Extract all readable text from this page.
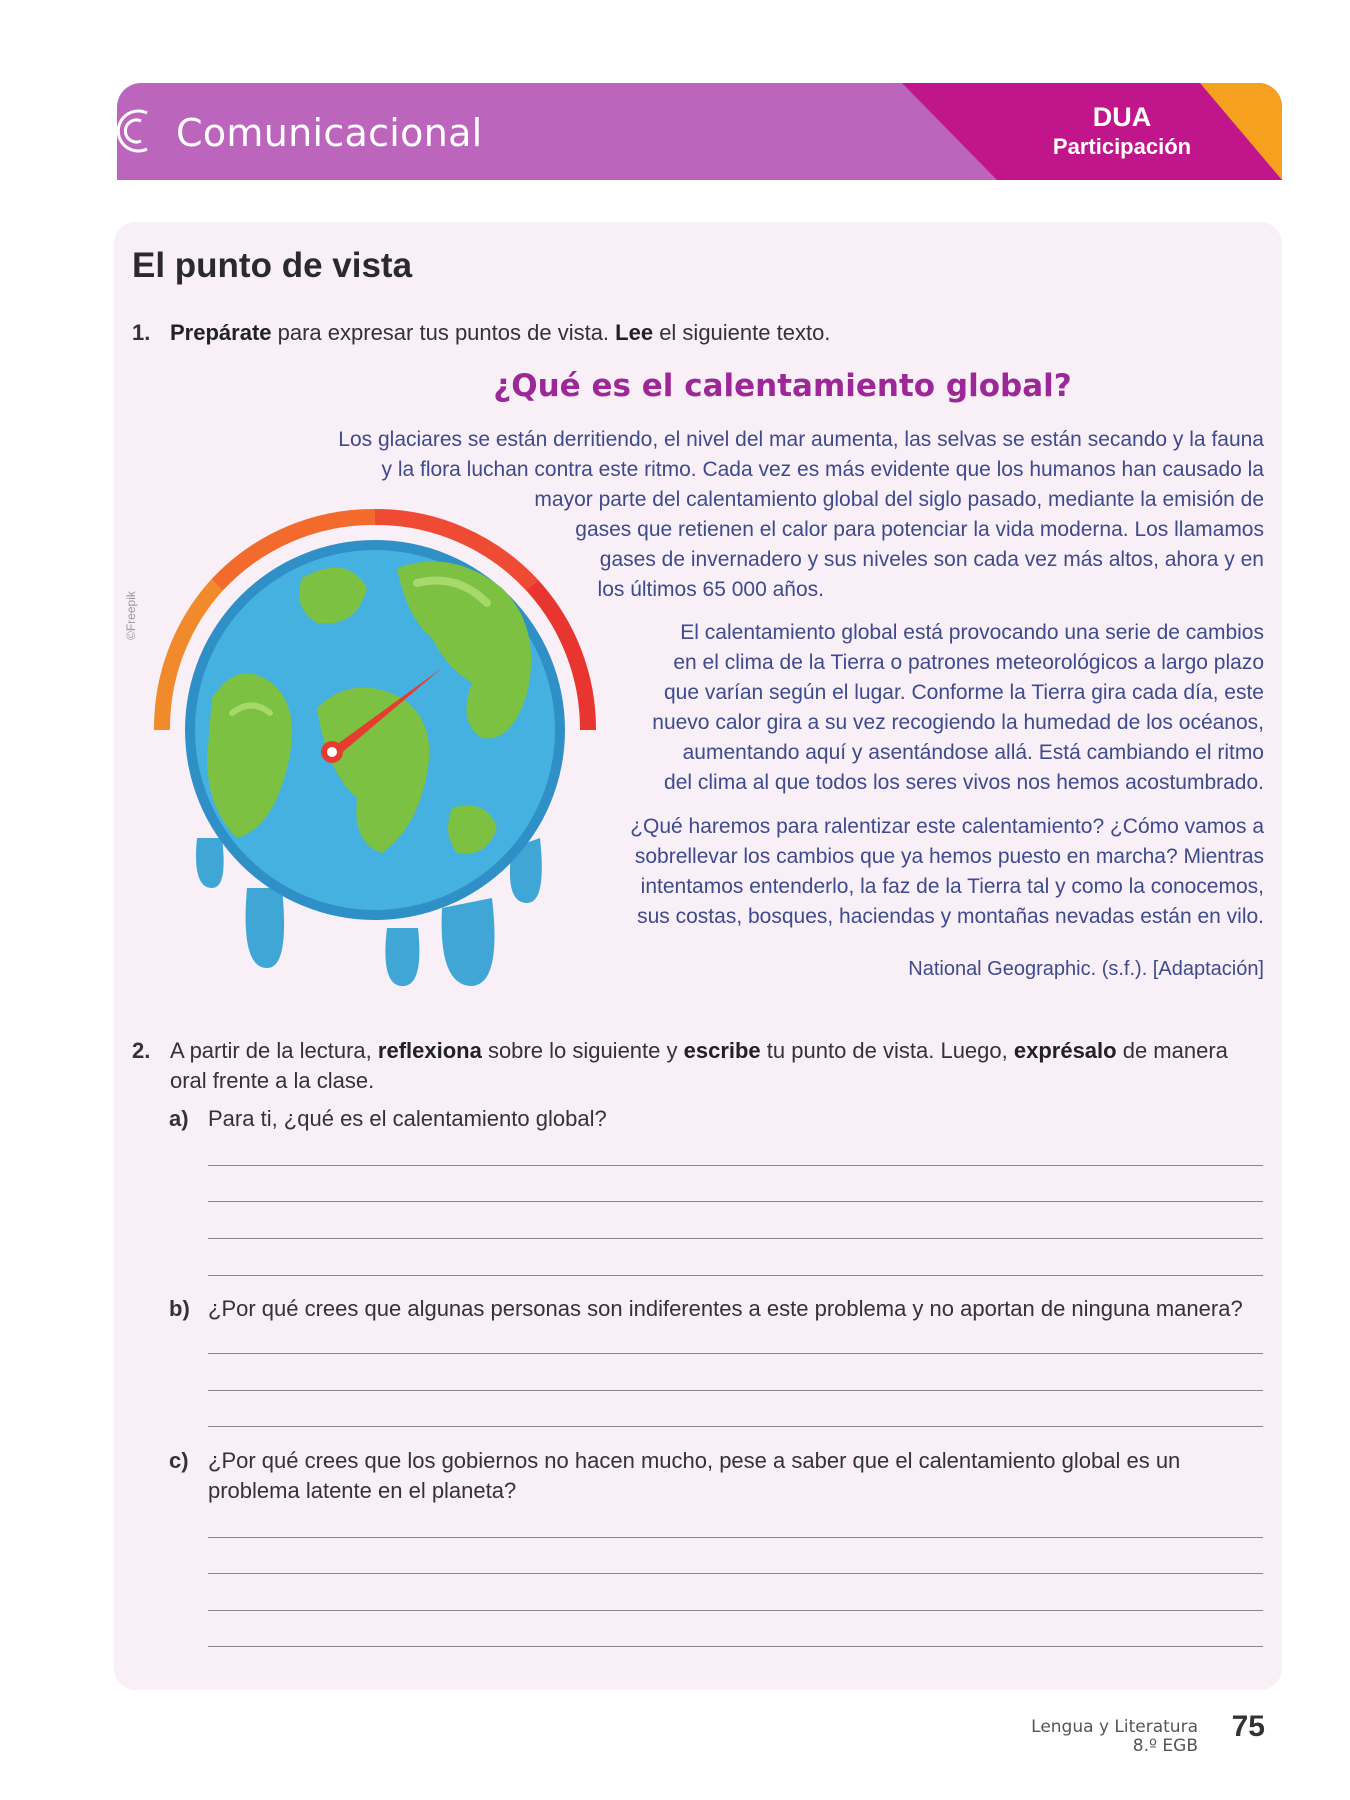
Comunicacional	DUA
Participación
El punto de vista
1. Prepárate para expresar tus puntos de vista. Lee el siguiente texto.
¿Qué es el calentamiento global?

Los glaciares se están derritiendo, el nivel del mar aumenta, las selvas se están secando y la fauna
y la flora luchan contra este ritmo. Cada vez es más evidente que los humanos han causado la
mayor parte del calentamiento global del siglo pasado, mediante la emisión de
gases que retienen el calor para potenciar la vida moderna. Los llamamos
gases de invernadero y sus niveles son cada vez más altos, ahora y en
los últimos 65 000 años.

El calentamiento global está provocando una serie de cambios
en el clima de la Tierra o patrones meteorológicos a largo plazo
que varían según el lugar. Conforme la Tierra gira cada día, este
nuevo calor gira a su vez recogiendo la humedad de los océanos,
aumentando aquí y asentándose allá. Está cambiando el ritmo
del clima al que todos los seres vivos nos hemos acostumbrado.

¿Qué haremos para ralentizar este calentamiento? ¿Cómo vamos a
sobrellevar los cambios que ya hemos puesto en marcha? Mientras
intentamos entenderlo, la faz de la Tierra tal y como la conocemos,
sus costas, bosques, haciendas y montañas nevadas están en vilo.

National Geographic. (s.f.). [Adaptación]
©Freepik
2. A partir de la lectura, reflexiona sobre lo siguiente y escribe tu punto de vista. Luego, exprésalo de manera oral frente a la clase.
a) Para ti, ¿qué es el calentamiento global?
b) ¿Por qué crees que algunas personas son indiferentes a este problema y no aportan de ninguna manera?
c) ¿Por qué crees que los gobiernos no hacen mucho, pese a saber que el calentamiento global es un problema latente en el planeta?
Lengua y Literatura
8.º EGB
75
